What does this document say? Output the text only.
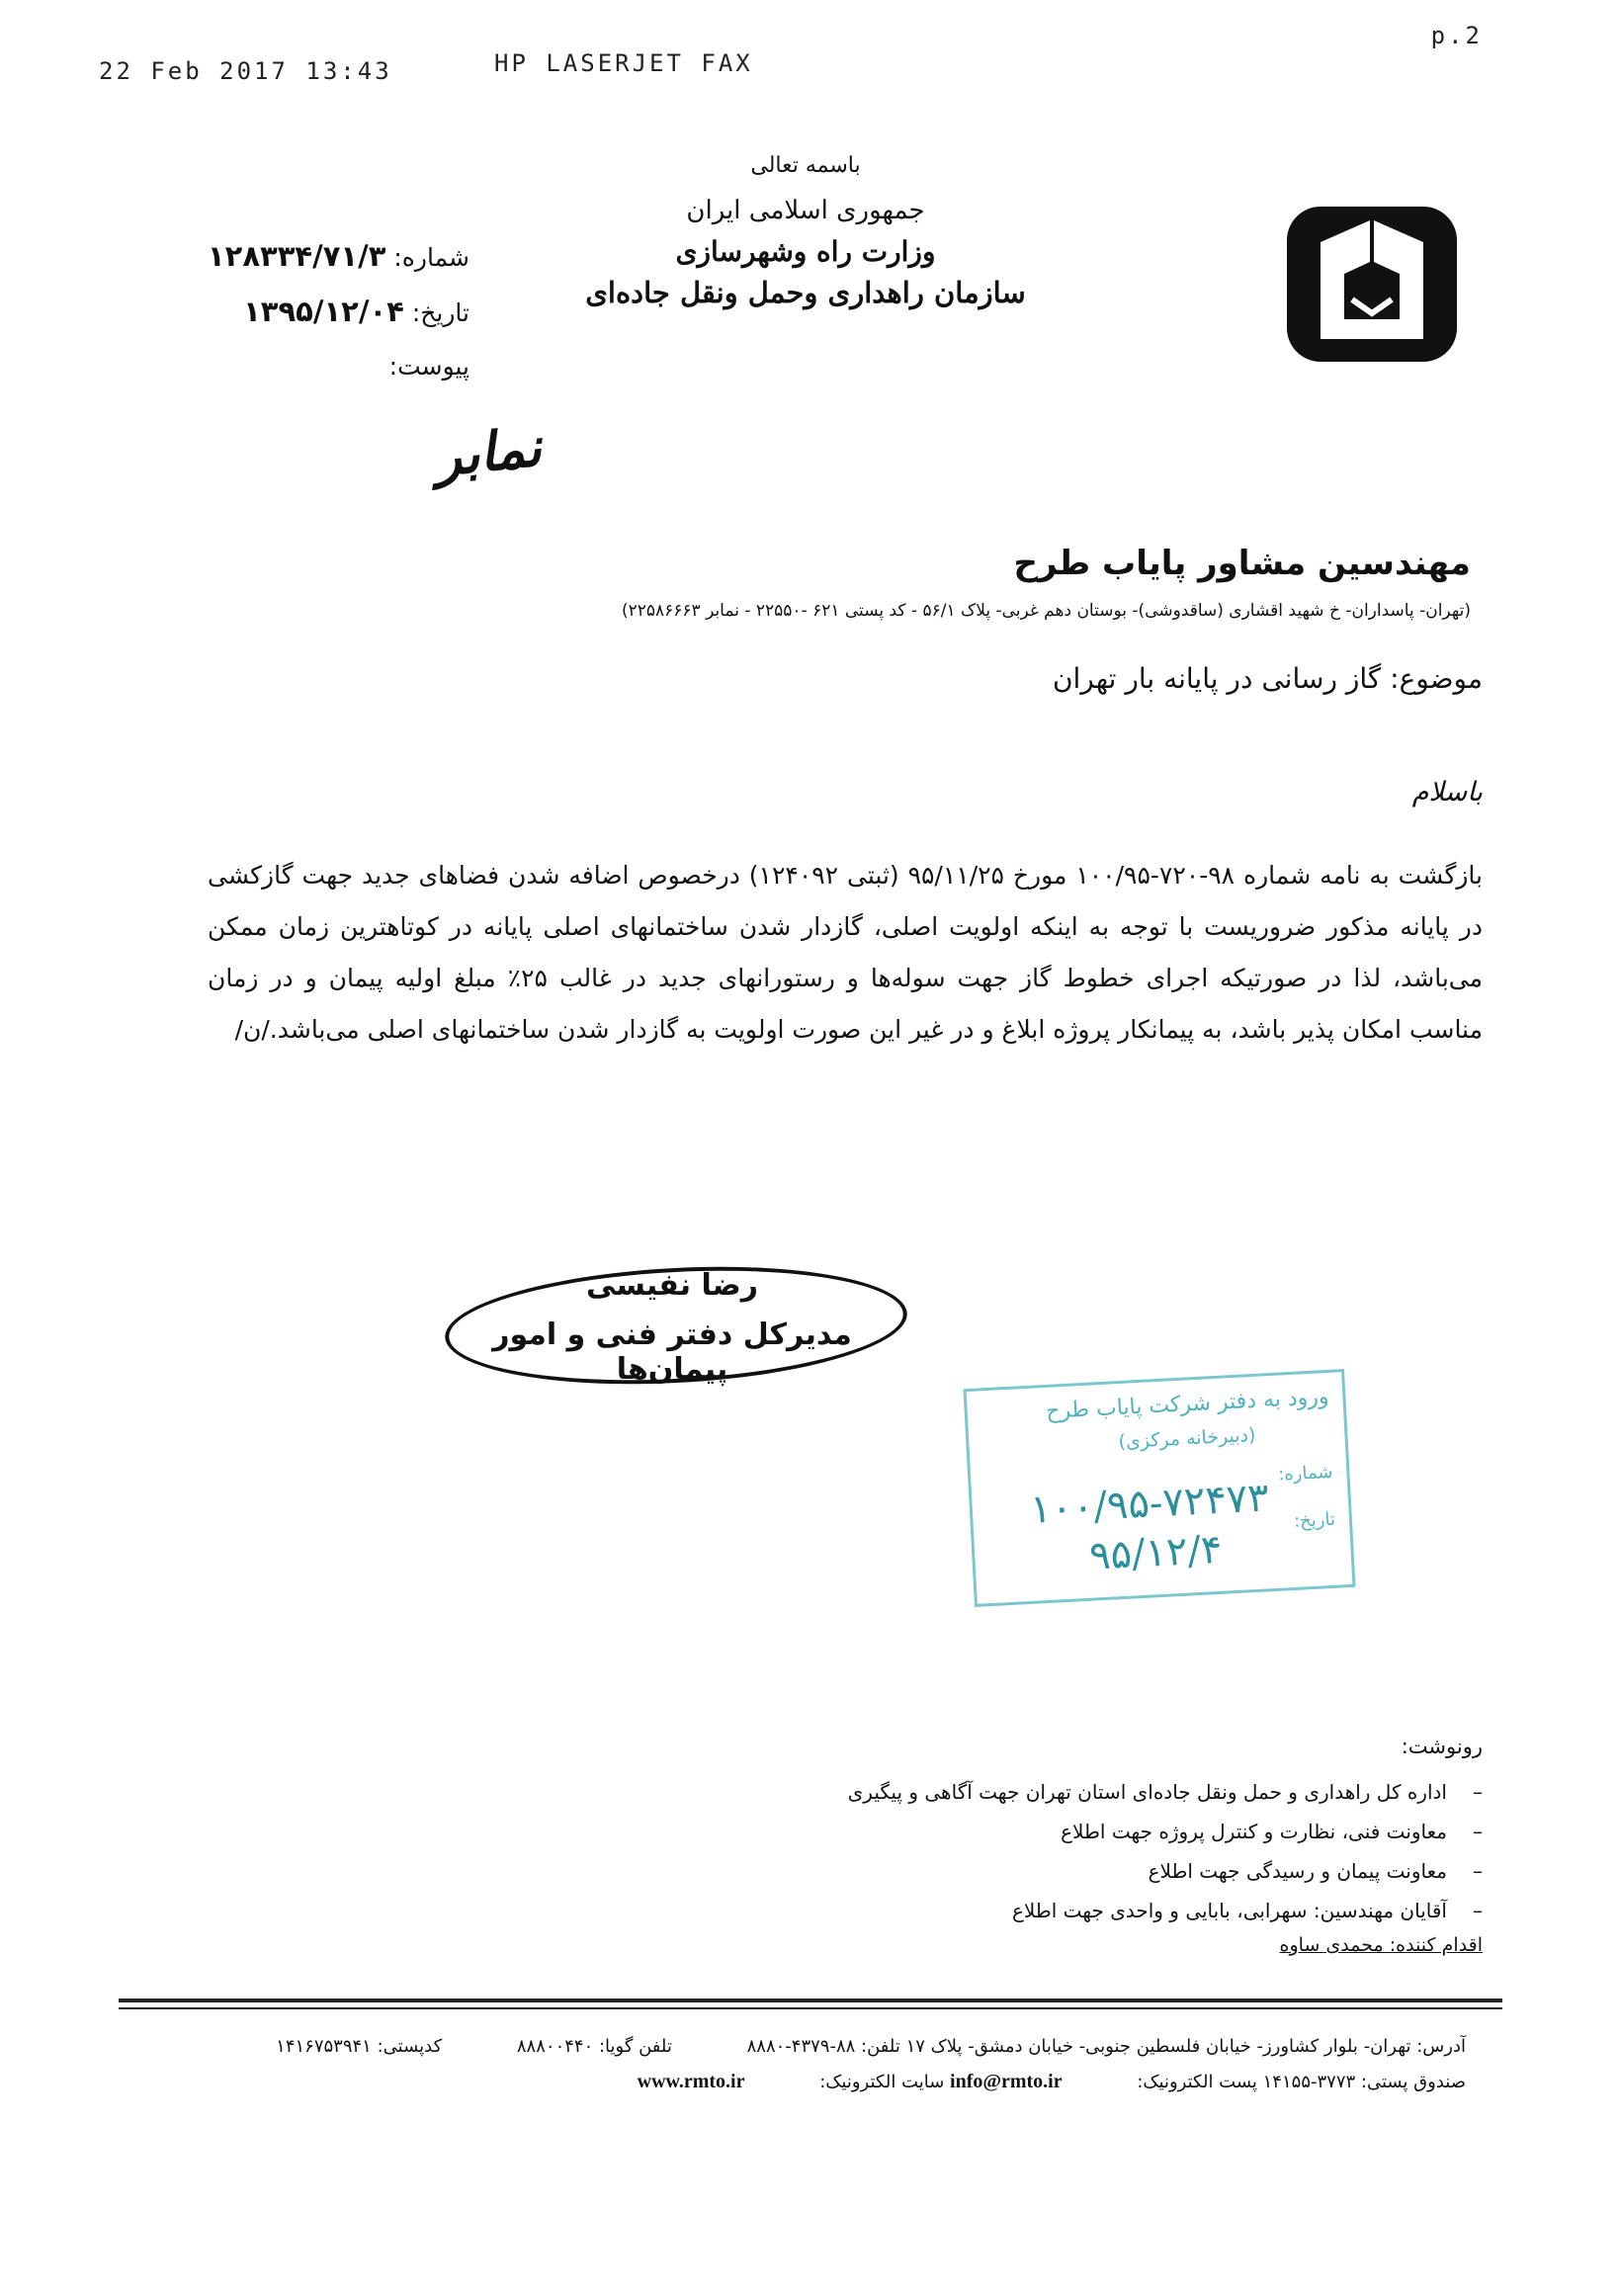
22 Feb 2017 13:43	HP LASERJET FAX
p.2
باسمه تعالی
جمهوری اسلامی ایران
وزارت راه وشهرسازی
سازمان راهداری وحمل ونقل جاده‌ای
شماره: ۱۲۸۳۳۴/۷۱/۳
تاریخ: ۱۳۹۵/۱۲/۰۴
پیوست:
نمابر
مهندسین مشاور پایاب طرح
(تهران- پاسداران- خ شهید اقشاری (ساقدوشی)- بوستان دهم غربی- پلاک ۵۶/۱ - کد پستی ۶۲۱ -۲۲۵۵۰ - نمابر ۲۲۵۸۶۶۶۳)
موضوع: گاز رسانی در پایانه بار تهران
باسلام

بازگشت به نامه شماره ۹۸-۷۲۰-۱۰۰/۹۵ مورخ ۹۵/۱۱/۲۵ (ثبتی ۱۲۴۰۹۲) درخصوص اضافه شدن فضاهای جدید جهت گازکشی در پایانه مذکور ضروریست با توجه به اینکه اولویت اصلی، گازدار شدن ساختمانهای اصلی پایانه در کوتاهترین زمان ممکن می‌باشد، لذا در صورتیکه اجرای خطوط گاز جهت سوله‌ها و رستورانهای جدید در غالب ۲۵٪ مبلغ اولیه پیمان و در زمان مناسب امکان پذیر باشد، به پیمانکار پروژه ابلاغ و در غیر این صورت اولویت به گازدار شدن ساختمانهای اصلی می‌باشد./ن/

رضا نفیسی
مدیرکل دفتر فنی و امور پیمان‌ها
ورود به دفتر شرکت پایاب طرح
(دبیرخانه مرکزی)
شماره:
تاریخ:
۱۰۰/۹۵-۷۲۴۷۳
۹۵/۱۲/۴
رونوشت:
– اداره کل راهداری و حمل ونقل جاده‌ای استان تهران جهت آگاهی و پیگیری
– معاونت فنی، نظارت و کنترل پروژه جهت اطلاع
– معاونت پیمان و رسیدگی جهت اطلاع
– آقایان مهندسین: سهرابی، بابایی و واحدی جهت اطلاع
اقدام کننده: محمدی ساوه
آدرس: تهران- بلوار کشاورز- خیابان فلسطین جنوبی- خیابان دمشق- پلاک ۱۷ تلفن: ۸۸-۴۳۷۹-۸۸۸۰ تلفن گویا: ۸۸۸۰۰۴۴۰ کدپستی: ۱۴۱۶۷۵۳۹۴۱
صندوق پستی: ۳۷۷۳-۱۴۱۵۵ پست الکترونیک: info@rmto.ir سایت الکترونیک: www.rmto.ir
